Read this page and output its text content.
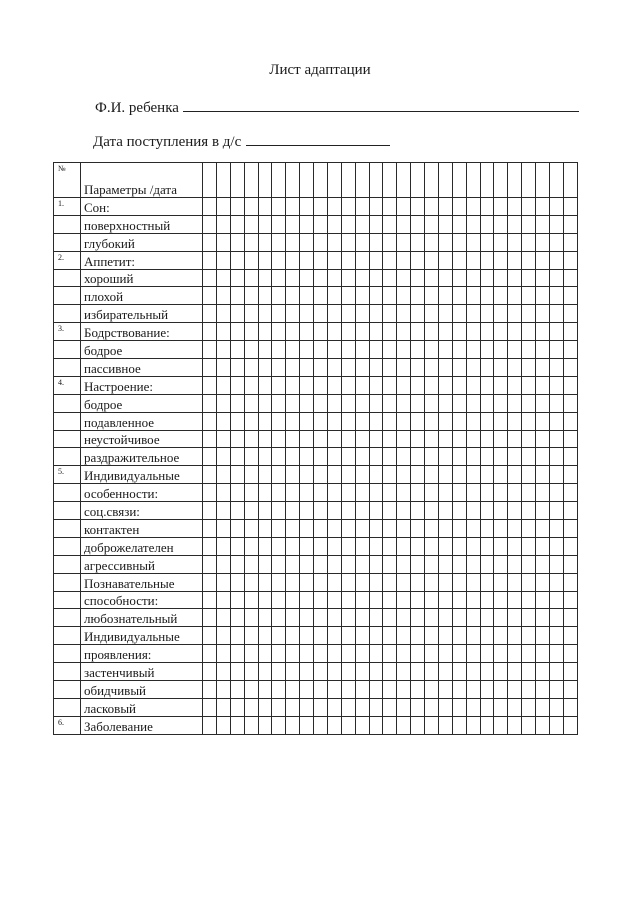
Лист адаптации
Ф.И. ребенка
Дата поступления в д/с
№	Параметры /дата																											
1.	Сон:																											
	поверхностный																											
	глубокий																											
2.	Аппетит:																											
	хороший																											
	плохой																											
	избирательный																											
3.	Бодрствование:																											
	бодрое																											
	пассивное																											
4.	Настроение:																											
	бодрое																											
	подавленное																											
	неустойчивое																											
	раздражительное																											
5.	Индивидуальные																											
	особенности:																											
	соц.связи:																											
	контактен																											
	доброжелателен																											
	агрессивный																											
	Познавательные																											
	способности:																											
	любознательный																											
	Индивидуальные																											
	проявления:																											
	застенчивый																											
	обидчивый																											
	ласковый																											
6.	Заболевание																											
